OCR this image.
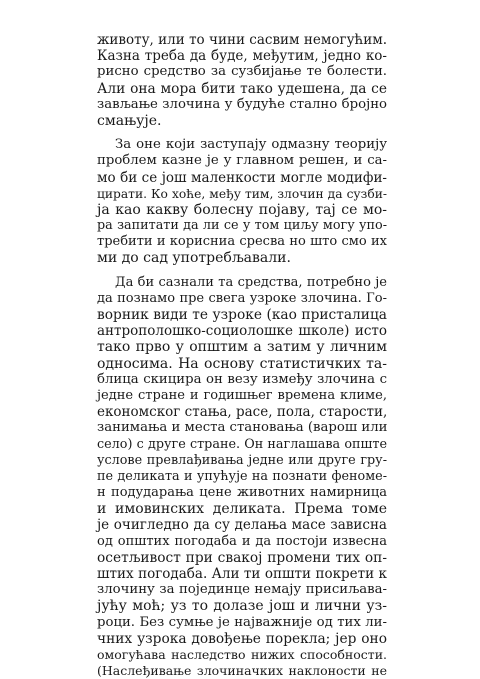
животу, или то чини сасвим немогућим.
Казна треба да буде, међутим, једно ко-
рисно средство за сузбијање те болести.
Али она мора бити тако удешена, да се
зављање злочина у будуће стално бројно
смањује.
За оне који заступају одмазну теорију
проблем казне је у главном решен, и са-
мо би се још маленкости могле модифи-
цирати. Ко хоће, међу тим, злочин да сузби-
ја као какву болесну појаву, тај се мо-
ра запитати да ли се у том циљу могу упо-
требити и корисниа сресва но што смо их
ми до сад употребљавали.
Да би сазнали та средства, потребно је
да познамо пре свега узроке злочина. Го-
ворник види те узроке (као присталица
антрополошко-социолошке школе) исто
тако прво у општим а затим у личним
односима. На основу статистичких та-
блица скицира он везу између злочина с
једне стране и годишњег времена климе,
економског стања, расе, пола, старости,
занимања и места становања (варош или
село) с друге стране. Он наглашава опште
услове превлађивања једне или друге гру-
пе деликата и упућује на познати феноме-
н подударања цене животних намирница
и имовинских деликата. Према томе
је очигледно да су делања масе зависна
од општих погодаба и да постоји извесна
осетљивост при свакој промени тих оп-
штих погодаба. Али ти општи покрети к
злочину за појединце немају присиљава-
јућу моћ; уз то долазе још и лични уз-
роци. Без сумње је најважније од тих ли-
чних узрока довођење порекла; јер оно
омогућава наследство нижих способности.
(Наслеђивање злочиначких наклоности не
